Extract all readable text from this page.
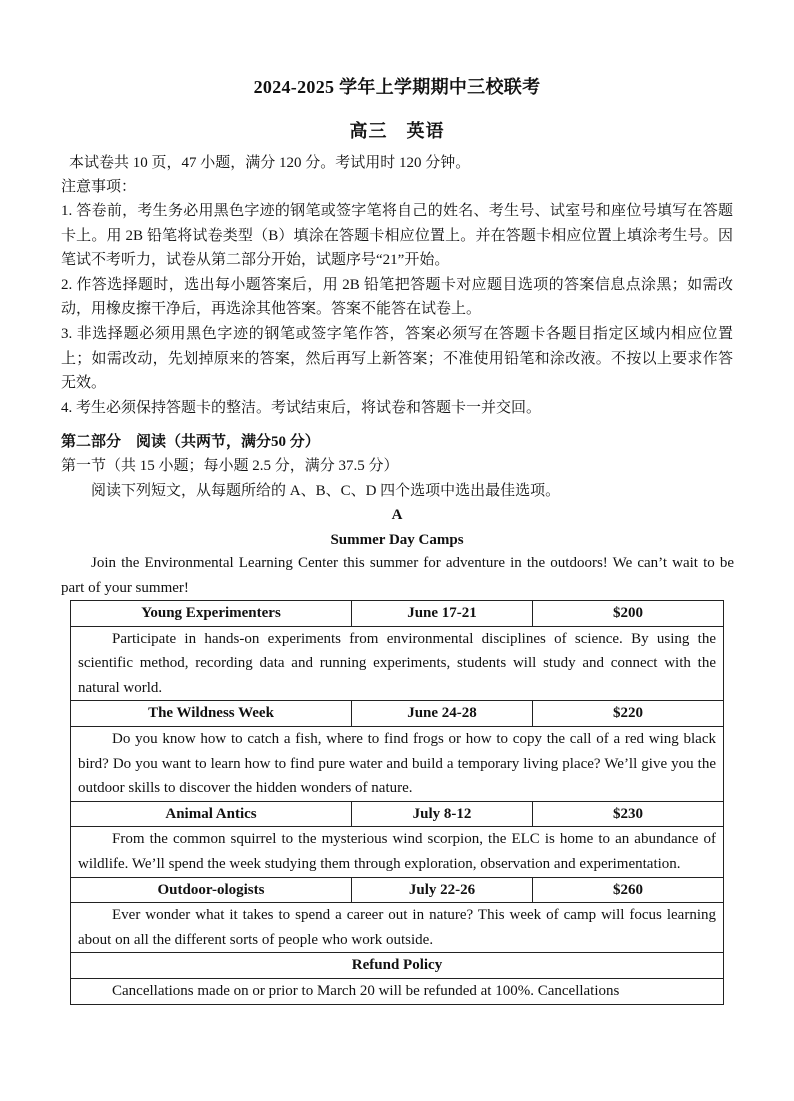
2024-2025 学年上学期期中三校联考
高三　英语
本试卷共 10 页，47 小题，满分 120 分。考试用时 120 分钟。
注意事项：

1. 答卷前，考生务必用黑色字迹的钢笔或签字笔将自己的姓名、考生号、试室号和座位号填写在答题卡上。用 2B 铅笔将试卷类型（B）填涂在答题卡相应位置上。并在答题卡相应位置上填涂考生号。因笔试不考听力，试卷从第二部分开始，试题序号“21”开始。

2. 作答选择题时，选出每小题答案后，用 2B 铅笔把答题卡对应题目选项的答案信息点涂黑；如需改动，用橡皮擦干净后，再选涂其他答案。答案不能答在试卷上。

3. 非选择题必须用黑色字迹的钢笔或签字笔作答，答案必须写在答题卡各题目指定区域内相应位置上；如需改动，先划掉原来的答案，然后再写上新答案；不准使用铅笔和涂改液。不按以上要求作答无效。

4. 考生必须保持答题卡的整洁。考试结束后，将试卷和答题卡一并交回。

第二部分　阅读（共两节，满分50 分）
第一节（共 15 小题；每小题 2.5 分，满分 37.5 分）
阅读下列短文，从每题所给的 A、B、C、D 四个选项中选出最佳选项。
A
Summer Day Camps
Join the Environmental Learning Center this summer for adventure in the outdoors! We can’t wait to be part of your summer!
Young Experimenters	June 17-21	$200
Participate in hands-on experiments from environmental disciplines of science. By using the scientific method, recording data and running experiments, students will study and connect with the natural world.		
The Wildness Week	June 24-28	$220
Do you know how to catch a fish, where to find frogs or how to copy the call of a red wing black bird? Do you want to learn how to find pure water and build a temporary living place? We’ll give you the outdoor skills to discover the hidden wonders of nature.		
Animal Antics	July 8-12	$230
From the common squirrel to the mysterious wind scorpion, the ELC is home to an abundance of wildlife. We’ll spend the week studying them through exploration, observation and experimentation.		
Outdoor-ologists	July 22-26	$260
Ever wonder what it takes to spend a career out in nature? This week of camp will focus learning about on all the different sorts of people who work outside.		
Refund Policy		
Cancellations made on or prior to March 20 will be refunded at 100%. Cancellations		
